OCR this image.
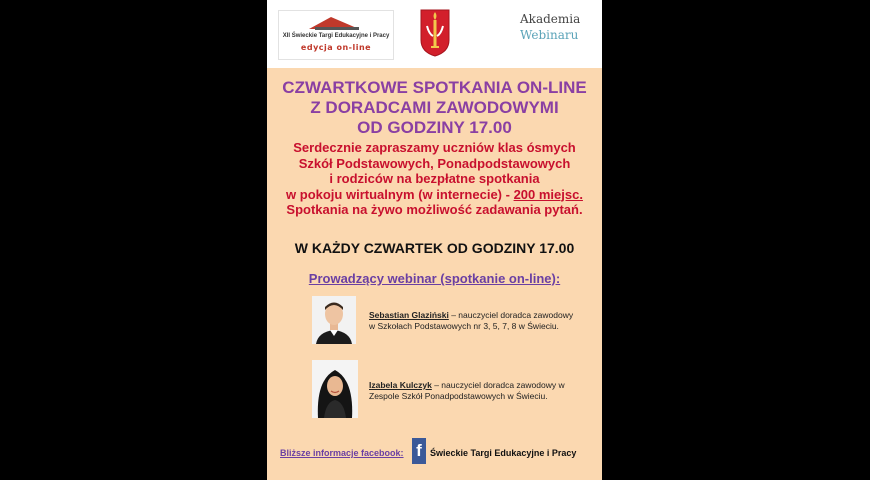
XII Świeckie Targi Edukacyjne i Pracy
edycja on-line
Akademia
Webinaru
CZWARTKOWE SPOTKANIA ON-LINE
Z DORADCAMI ZAWODOWYMI
OD GODZINY 17.00
Serdecznie zapraszamy uczniów klas ósmych
Szkół Podstawowych, Ponadpodstawowych
i rodziców na bezpłatne spotkania
w pokoju wirtualnym (w internecie) - 200 miejsc.
Spotkania na żywo możliwość zadawania pytań.
W KAŻDY CZWARTEK OD GODZINY 17.00
Prowadzący webinar (spotkanie on-line):
Sebastian Glaziński – nauczyciel doradca zawodowy
w Szkołach Podstawowych nr 3, 5, 7, 8 w Świeciu.
Izabela Kulczyk – nauczyciel doradca zawodowy w
Zespole Szkół Ponadpodstawowych w Świeciu.
Bliższe informacje facebook: f Świeckie Targi Edukacyjne i Pracy
